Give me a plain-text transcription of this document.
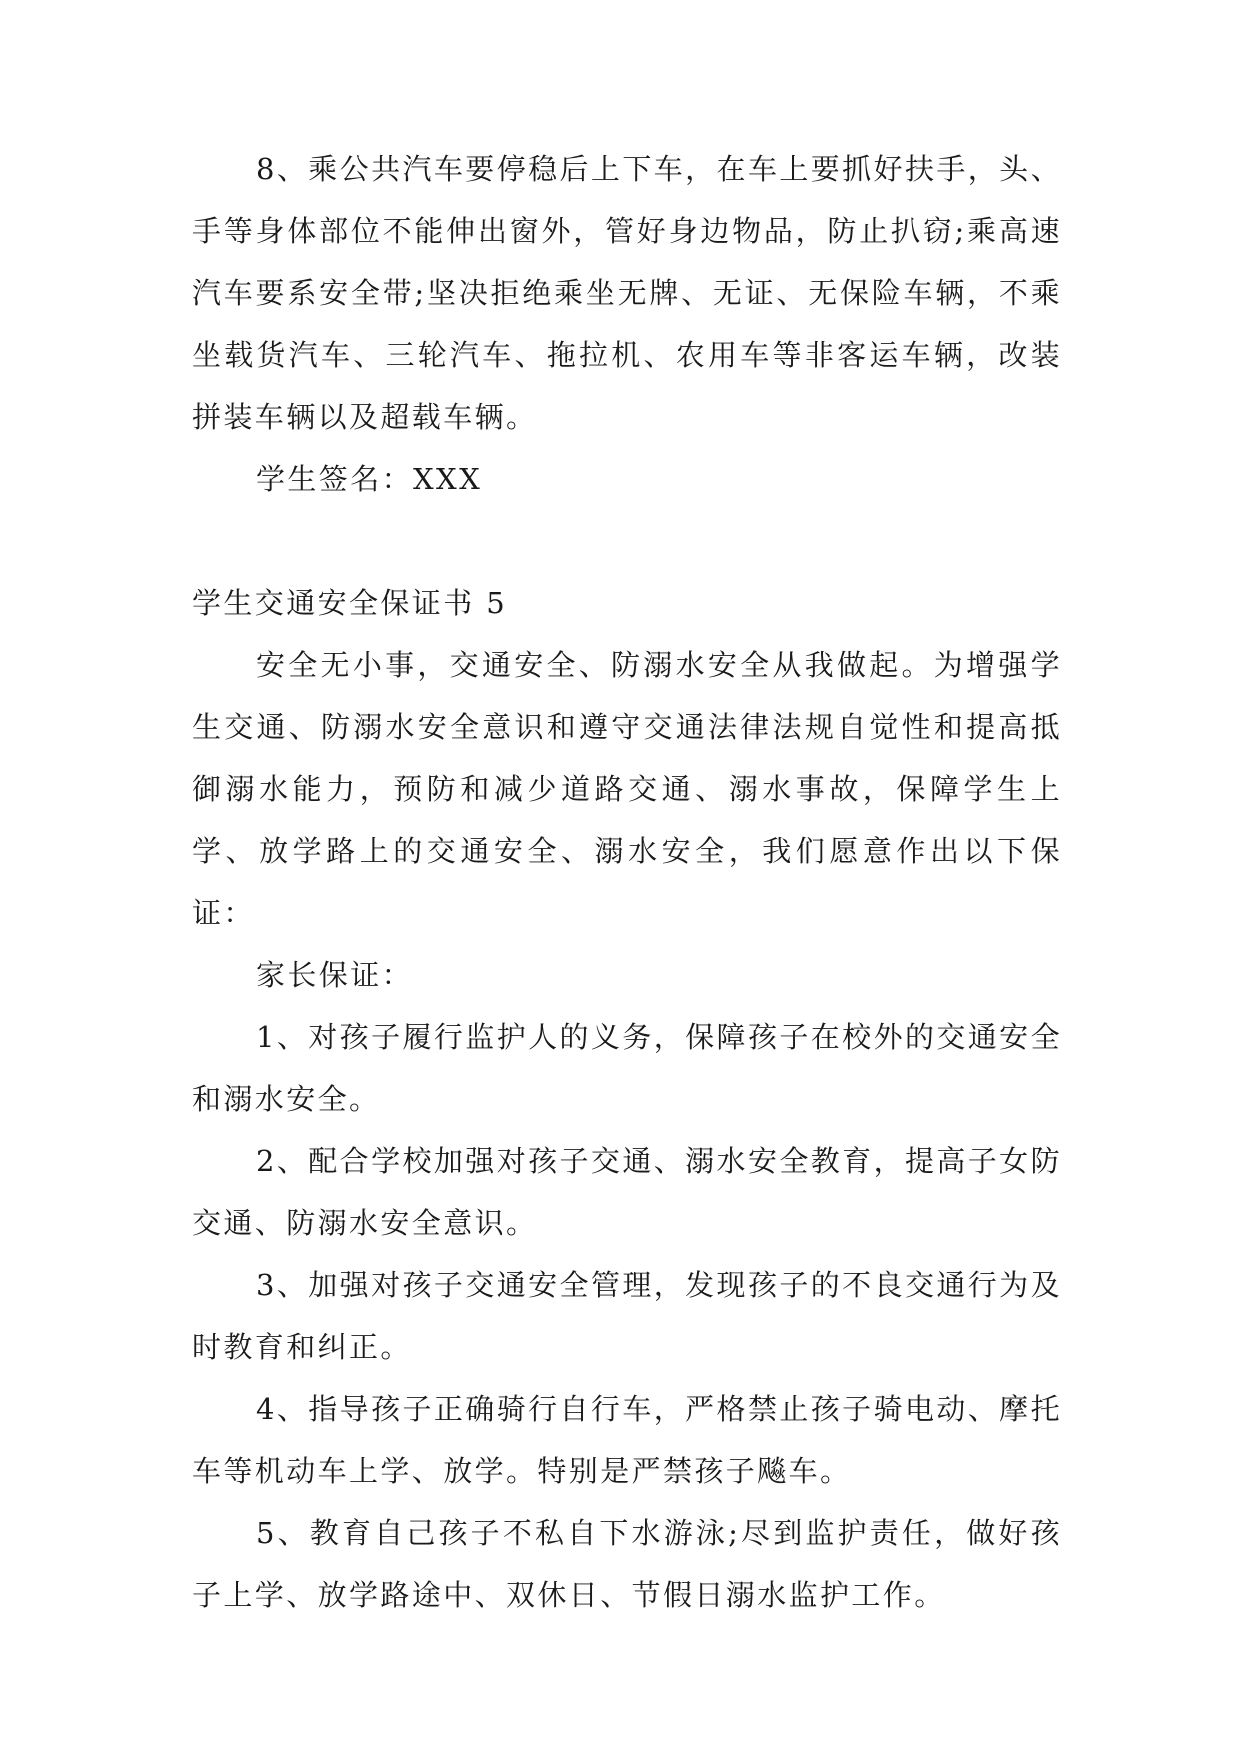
8、乘公共汽车要停稳后上下车，在车上要抓好扶手，头、手等身体部位不能伸出窗外，管好身边物品，防止扒窃;乘高速汽车要系安全带;坚决拒绝乘坐无牌、无证、无保险车辆，不乘坐载货汽车、三轮汽车、拖拉机、农用车等非客运车辆，改装拼装车辆以及超载车辆。

学生签名：XXX

学生交通安全保证书 5

安全无小事，交通安全、防溺水安全从我做起。为增强学生交通、防溺水安全意识和遵守交通法律法规自觉性和提高抵御溺水能力，预防和减少道路交通、溺水事故，保障学生上学、放学路上的交通安全、溺水安全，我们愿意作出以下保证：

家长保证：

1、对孩子履行监护人的义务，保障孩子在校外的交通安全和溺水安全。

2、配合学校加强对孩子交通、溺水安全教育，提高子女防交通、防溺水安全意识。

3、加强对孩子交通安全管理，发现孩子的不良交通行为及时教育和纠正。

4、指导孩子正确骑行自行车，严格禁止孩子骑电动、摩托车等机动车上学、放学。特别是严禁孩子飚车。

5、教育自己孩子不私自下水游泳;尽到监护责任，做好孩子上学、放学路途中、双休日、节假日溺水监护工作。
